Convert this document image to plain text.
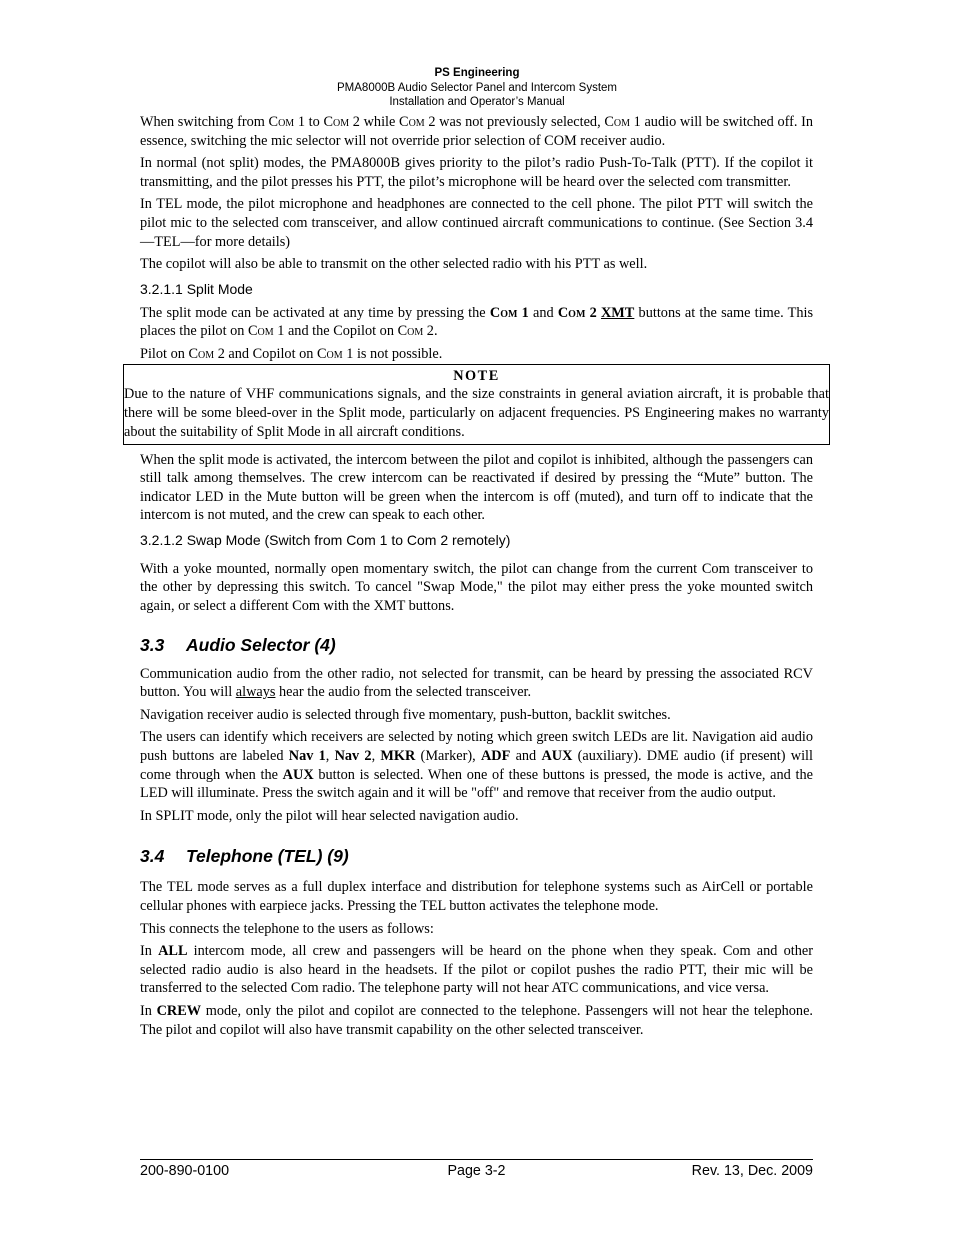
PS Engineering
PMA8000B Audio Selector Panel and Intercom System
Installation and Operator’s Manual

When switching from Com 1 to Com 2 while Com 2 was not previously selected, Com 1 audio will be switched off. In essence, switching the mic selector will not override prior selection of COM receiver audio.

In normal (not split) modes, the PMA8000B gives priority to the pilot’s radio Push-To-Talk (PTT). If the copilot it transmitting, and the pilot presses his PTT, the pilot’s microphone will be heard over the selected com transmitter.

In TEL mode, the pilot microphone and headphones are connected to the cell phone. The pilot PTT will switch the pilot mic to the selected com transceiver, and allow continued aircraft communications to continue. (See Section 3.4 —TEL—for more details)

The copilot will also be able to transmit on the other selected radio with his PTT as well.

3.2.1.1 Split Mode

The split mode can be activated at any time by pressing the Com 1 and Com 2 XMT buttons at the same time. This places the pilot on Com 1 and the Copilot on Com 2.

Pilot on Com 2 and Copilot on Com 1 is not possible.

NOTE

Due to the nature of VHF communications signals, and the size constraints in general aviation aircraft, it is probable that there will be some bleed-over in the Split mode, particularly on adjacent frequencies. PS Engineering makes no warranty about the suitability of Split Mode in all aircraft conditions.

When the split mode is activated, the intercom between the pilot and copilot is inhibited, although the passengers can still talk among themselves. The crew intercom can be reactivated if desired by pressing the “Mute” button. The indicator LED in the Mute button will be green when the intercom is off (muted), and turn off to indicate that the intercom is not muted, and the crew can speak to each other.

3.2.1.2 Swap Mode (Switch from Com 1 to Com 2 remotely)

With a yoke mounted, normally open momentary switch, the pilot can change from the current Com transceiver to the other by depressing this switch. To cancel "Swap Mode," the pilot may either press the yoke mounted switch again, or select a different Com with the XMT buttons.

3.3 Audio Selector (4)

Communication audio from the other radio, not selected for transmit, can be heard by pressing the associated RCV button. You will always hear the audio from the selected transceiver.

Navigation receiver audio is selected through five momentary, push-button, backlit switches.

The users can identify which receivers are selected by noting which green switch LEDs are lit. Navigation aid audio push buttons are labeled Nav 1, Nav 2, MKR (Marker), ADF and AUX (auxiliary). DME audio (if present) will come through when the AUX button is selected. When one of these buttons is pressed, the mode is active, and the LED will illuminate. Press the switch again and it will be "off" and remove that receiver from the audio output.

In SPLIT mode, only the pilot will hear selected navigation audio.

3.4 Telephone (TEL) (9)

The TEL mode serves as a full duplex interface and distribution for telephone systems such as AirCell or portable cellular phones with earpiece jacks. Pressing the TEL button activates the telephone mode.

This connects the telephone to the users as follows:

In ALL intercom mode, all crew and passengers will be heard on the phone when they speak. Com and other selected radio audio is also heard in the headsets. If the pilot or copilot pushes the radio PTT, their mic will be transferred to the selected Com radio. The telephone party will not hear ATC communications, and vice versa.

In CREW mode, only the pilot and copilot are connected to the telephone. Passengers will not hear the telephone. The pilot and copilot will also have transmit capability on the other selected transceiver.

200-890-0100	Page 3-2	Rev. 13, Dec. 2009
